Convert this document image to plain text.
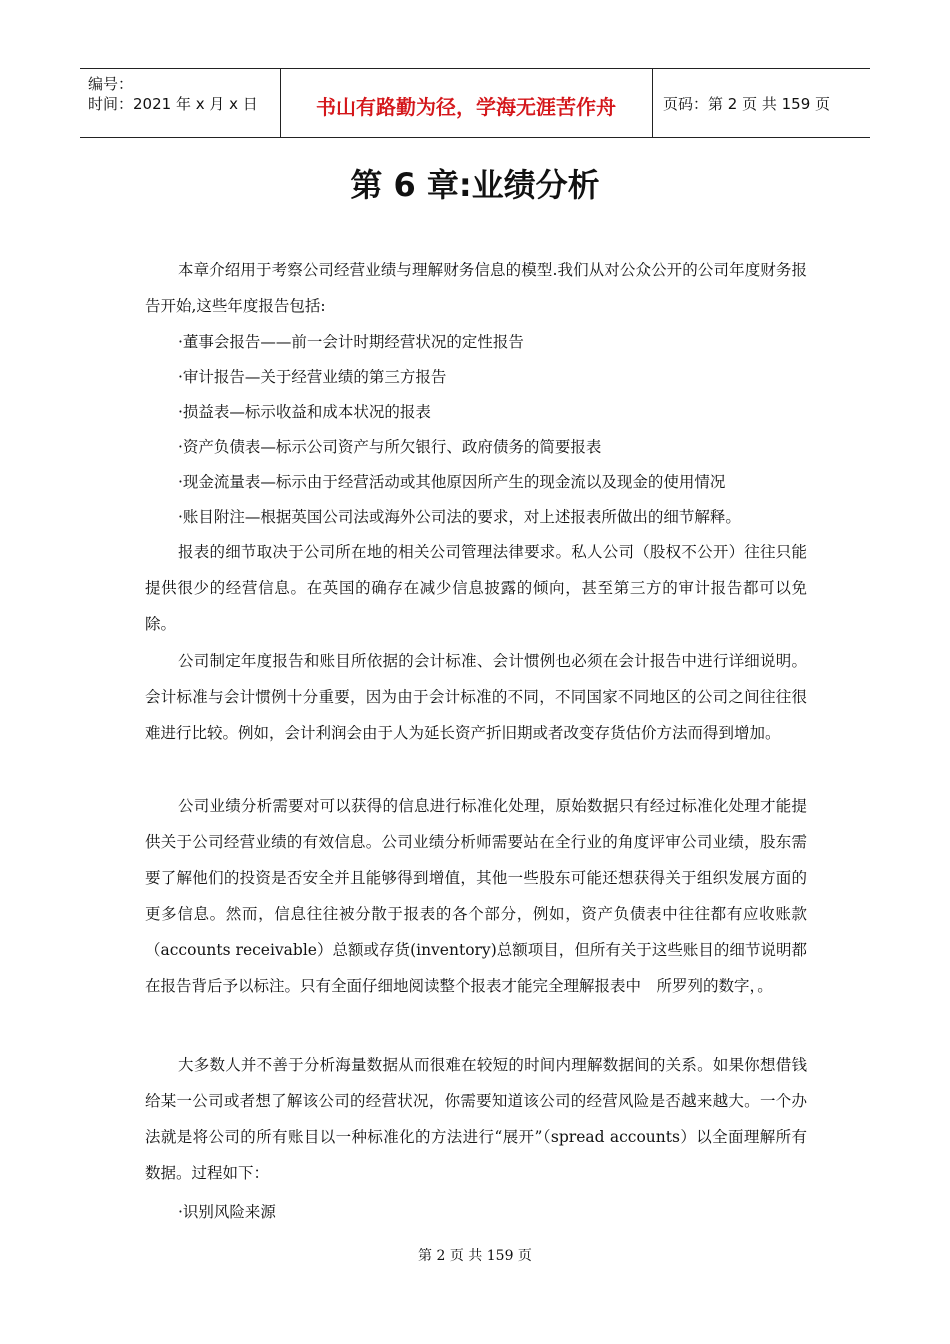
编号：
时间：2021 年 x 月 x 日	书山有路勤为径，学海无涯苦作舟	页码：第 2 页 共 159 页
第 6 章:业绩分析

本章介绍用于考察公司经营业绩与理解财务信息的模型.我们从对公众公开的公司年度财务报告开始,这些年度报告包括:

·董事会报告——前一会计时期经营状况的定性报告

·审计报告—关于经营业绩的第三方报告

·损益表—标示收益和成本状况的报表

·资产负债表—标示公司资产与所欠银行、政府债务的简要报表

·现金流量表—标示由于经营活动或其他原因所产生的现金流以及现金的使用情况

·账目附注—根据英国公司法或海外公司法的要求，对上述报表所做出的细节解释。

报表的细节取决于公司所在地的相关公司管理法律要求。私人公司（股权不公开）往往只能提供很少的经营信息。在英国的确存在减少信息披露的倾向，甚至第三方的审计报告都可以免除。

公司制定年度报告和账目所依据的会计标准、会计惯例也必须在会计报告中进行详细说明。会计标准与会计惯例十分重要，因为由于会计标准的不同，不同国家不同地区的公司之间往往很难进行比较。例如，会计利润会由于人为延长资产折旧期或者改变存货估价方法而得到增加。

公司业绩分析需要对可以获得的信息进行标准化处理，原始数据只有经过标准化处理才能提供关于公司经营业绩的有效信息。公司业绩分析师需要站在全行业的角度评审公司业绩，股东需要了解他们的投资是否安全并且能够得到增值，其他一些股东可能还想获得关于组织发展方面的更多信息。然而，信息往往被分散于报表的各个部分，例如，资产负债表中往往都有应收账款（accounts receivable）总额或存货(inventory)总额项目，但所有关于这些账目的细节说明都在报告背后予以标注。只有全面仔细地阅读整个报表才能完全理解报表中　所罗列的数字，。

大多数人并不善于分析海量数据从而很难在较短的时间内理解数据间的关系。如果你想借钱给某一公司或者想了解该公司的经营状况，你需要知道该公司的经营风险是否越来越大。一个办法就是将公司的所有账目以一种标准化的方法进行“展开”（spread accounts）以全面理解所有数据。过程如下：

·识别风险来源

第 2 页 共 159 页
